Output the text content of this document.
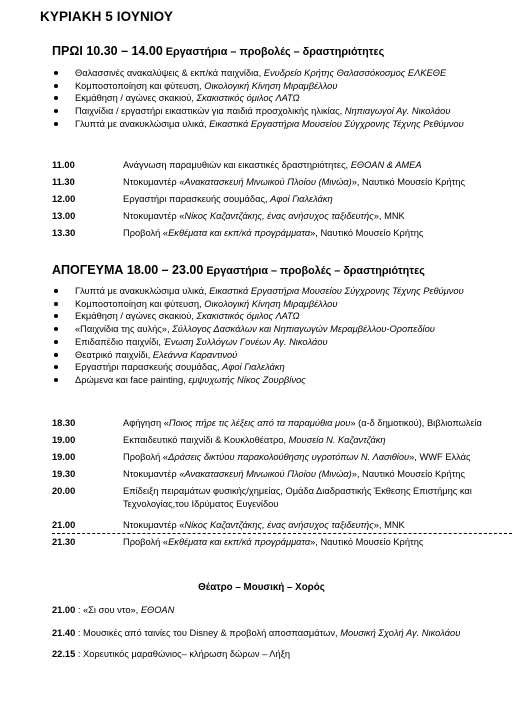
ΚΥΡΙΑΚΗ 5 ΙΟΥΝΙΟΥ
ΠΡΩΙ 10.30 – 14.00 Εργαστήρια – προβολές – δραστηριότητες
Θαλασσινές ανακαλύψεις & εκπ/κά παιχνίδια, Ενυδρείο Κρήτης Θαλασσόκοσμος ΕΛΚΕΘΕ
Κομποστοποίηση και φύτευση, Οικολογική Κίνηση Μιραμβέλλου
Εκμάθηση / αγώνες σκακιού, Σκακιστικός όμιλος ΛΑΤΩ
Παιχνίδια / εργαστήρι εικαστικών για παιδιά προσχολικής ηλικίας, Νηπιαγωγοί Αγ. Νικολάου
Γλυπτά με ανακυκλώσιμα υλικά, Εικαστικά Εργαστήρια Μουσείου Σύγχρονης Τέχνης Ρεθύμνου
11.00	Ανάγνωση παραμυθιών και εικαστικές δραστηριότητες, ΕΘΟΑΝ & ΑΜΕΑ
11.30	Ντοκυμαντέρ «Ανακατασκευή Μινωικού Πλοίου (Μινώα)», Ναυτικό Μουσείο Κρήτης
12.00	Εργαστήρι παρασκευής σουμάδας, Αφοί Γιαλελάκη
13.00	Ντοκυμαντέρ «Νίκος Καζαντζάκης, ένας ανήσυχος ταξιδευτής», ΜΝΚ
13.30	Προβολή «Εκθέματα και εκπ/κά προγράμματα», Ναυτικό Μουσείο Κρήτης
ΑΠΟΓΕΥΜΑ 18.00 – 23.00 Εργαστήρια – προβολές – δραστηριότητες
Γλυπτά με ανακυκλώσιμα υλικά, Εικαστικά Εργαστήρια Μουσείου Σύγχρονης Τέχνης Ρεθύμνου
Κομποστοποίηση και φύτευση, Οικολογική Κίνηση Μιραμβέλλου
Εκμάθηση / αγώνες σκακιού, Σκακιστικός όμιλος ΛΑΤΩ
«Παιχνίδια της αυλής», Σύλλογος Δασκάλων και Νηπιαγωγών Μεραμβέλλου-Οροπεδίου
Επιδαπέδιο παιχνίδι, Ένωση Συλλόγων Γονέων Αγ. Νικολάου
Θεατρικό παιχνίδι, Ελεάννα Καραντινού
Εργαστήρι παρασκευής σουμάδας, Αφοί Γιαλελάκη
Δρώμενα και face painting, εμψυχωτής Νίκος Ζουρβίνος
18.30	Αφήγηση «Ποιος πήρε τις λέξεις από τα παραμύθια μου» (α-δ δημοτικού), Βιβλιοπωλεία
19.00	Εκπαιδευτικό παιχνίδι & Κουκλοθέατρο, Μουσείο Ν. Καζαντζάκη
19.00	Προβολή «Δράσεις δικτύου παρακολούθησης υγροτόπων Ν. Λασιθίου», WWF Ελλάς
19.30	Ντοκυμαντέρ «Ανακατασκευή Μινωικού Πλοίου (Μινώα)», Ναυτικό Μουσείο Κρήτης
20.00	Επίδειξη πειραμάτων φυσικής/χημείας, Ομάδα Διαδραστικής Έκθεσης Επιστήμης και Τεχνολογίας,του Ιδρύματος Ευγενίδου
21.00	Ντοκυμαντέρ «Νίκος Καζαντζάκης, ένας ανήσυχος ταξιδευτής», ΜΝΚ
21.30	Προβολή «Εκθέματα και εκπ/κά προγράμματα», Ναυτικό Μουσείο Κρήτης
Θέατρο – Μουσική – Χορός
21.00 : «Σι σου ντο», ΕΘΟΑΝ
21.40 : Μουσικές από ταινίες του Disney & προβολή αποσπασμάτων, Μουσική Σχολή Αγ. Νικολάου
22.15 : Χορευτικός μαραθώνιος– κλήρωση δώρων – Λήξη
